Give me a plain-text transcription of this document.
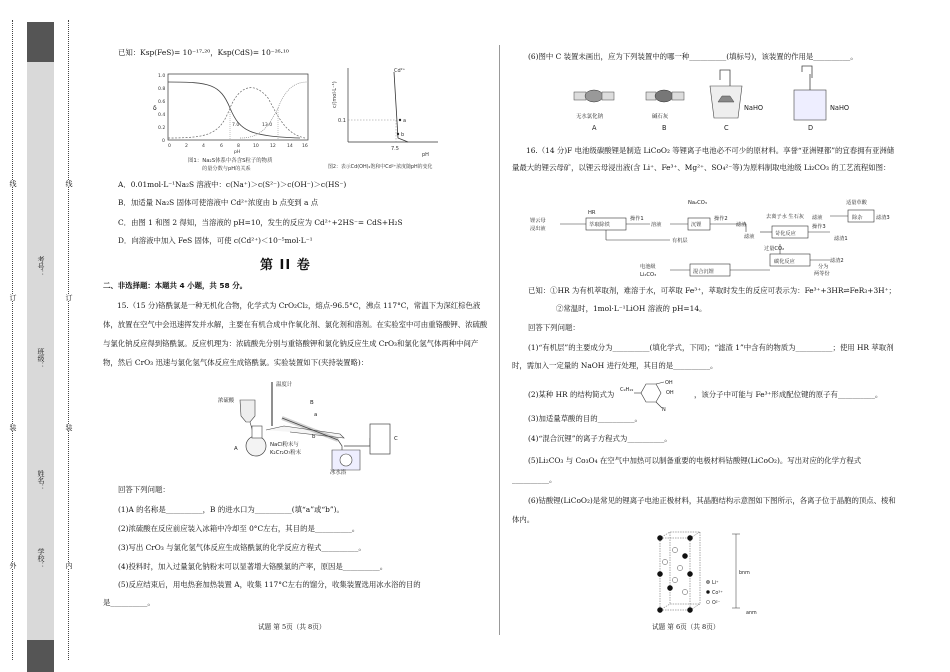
学校：
姓名：
班级：
考号：
外
装
订
线
内
装
订
线
已知：Ksp(FeS)= 10⁻¹⁷·²⁰，Ksp(CdS)= 10⁻²⁶·¹⁰
δ
1.0
0.8
0.6
0.4
0.2
0
0	2	4	6	8	10 12 14 16
7.0	13.0
pH
图1：Na₂S体系中各含S粒子的物质
的量分数与pH的关系
c/(mol·L⁻¹)
Cd²⁺
0.1
7.5
a
b
pH
图2：表示Cd(OH)₂饱和中Cd²⁺浓度随pH的变化
A．0.01mol·L⁻¹Na₂S 溶液中：c(Na⁺)＞c(S²⁻)＞c(OH⁻)＞c(HS⁻)
B．加适量 Na₂S 固体可使溶液中 Cd²⁺浓度由 b 点变到 a 点
C．由图 1 和图 2 得知，当溶液的 pH=10，发生的反应为 Cd²⁺+2HS⁻= CdS+H₂S
D．向溶液中加入 FeS 固体，可使 c(Cd²⁺)＜10⁻⁵mol·L⁻¹
第 II 卷
二、非选择题：本题共 4 小题，共 58 分。
15.（15 分)铬酰氯是一种无机化合物，化学式为 CrO₂Cl₂，熔点-96.5°C，沸点 117°C，常温下为深红棕色液体，放置在空气中会迅速挥发并水解，主要在有机合成中作氧化剂、氯化剂和溶剂。在实验室中可由重铬酸钾、浓硫酸与氯化钠反应得到铬酰氯。反应机理为：浓硫酸先分别与重铬酸钾和氯化钠反应生成 CrO₃和氯化氢气体两种中间产物，然后 CrO₃ 迅速与氯化氢气体反应生成铬酰氯。实验装置如下(夹持装置略)：
温度计
浓硫酸
a
b
B
A
C
NaCl粉末与
K₂Cr₂O₇粉末
冰水浴
回答下列问题：
(1)A 的名称是__________，B 的进水口为__________(填“a”或“b”)。
(2)浓硫酸在反应前应装入冰箱中冷却至 0°C左右，其目的是__________。
(3)写出 CrO₃ 与氯化氢气体反应生成铬酰氯的化学反应方程式__________。
(4)投料时，加入过量氯化钠粉末可以显著增大铬酰氯的产率，原因是__________。
(5)反应结束后，用电热套加热装置 A，收集 117°C左右的馏分，收集装置选用冰水浴的目的
是__________。
试题 第 5页（共 8页）
(6)图中 C 装置未画出，应为下列装置中的哪一种__________(填标号)，该装置的作用是__________。
A	B	C	D
NaHO	NaHO
无水氯化钠	碱石灰
16.（14 分)F 电池级碳酸锂是制造 LiCoO₂ 等锂离子电池必不可少的原材料。享誉“亚洲锂都”的宜春拥有亚洲储量最大的锂云母矿，以锂云母浸出液(含 Li⁺、Fe³⁺、Mg²⁺、SO₄²⁻等)为原料制取电池级 Li₂CO₃ 的工艺流程如图：
锂云母
浸出液
HR
萃取除铁
操作1
溶液	沉锂
操作2
滤渣
有机层
Na₂CO₃
去离子水 生石灰
苛化反应
操作3
滤液
滤渣1
适量草酸
除杂	滤渣3
滤液
滤渣2
过量CO₂
碳化反应
混合沉锂
分为
两等份
电池级
Li₂CO₃
已知：①HR 为有机萃取剂，难溶于水，可萃取 Fe³⁺，萃取时发生的反应可表示为：Fe³⁺+3HR⇌FeR₃+3H⁺；
②常温时，1mol·L⁻¹LiOH 溶液的 pH=14。
回答下列问题：
(1)“有机层”的主要成分为__________(填化学式，下同)；“滤渣 1”中含有的物质为__________；使用 HR 萃取剂时，需加入一定量的 NaOH 进行处理，其目的是__________。
(2)某种 HR 的结构简式为 C₉H₁₉
OH
OH
N
，该分子中可能与 Fe³⁺形成配位键的原子有__________。
(3)加适量草酸的目的__________。
(4)“混合沉锂”的离子方程式为__________。
(5)Li₂CO₃ 与 Co₃O₄ 在空气中加热可以制备重要的电极材料钴酸锂(LiCoO₂)。写出对应的化学方程式__________。
(6)钴酸锂(LiCoO₂)是常见的锂离子电池正极材料，其晶胞结构示意图如下图所示，各离子位于晶胞的顶点、棱和体内。
Li⁺
Co³⁺
O²⁻
bnm
anm
试题 第 6页（共 8页）
